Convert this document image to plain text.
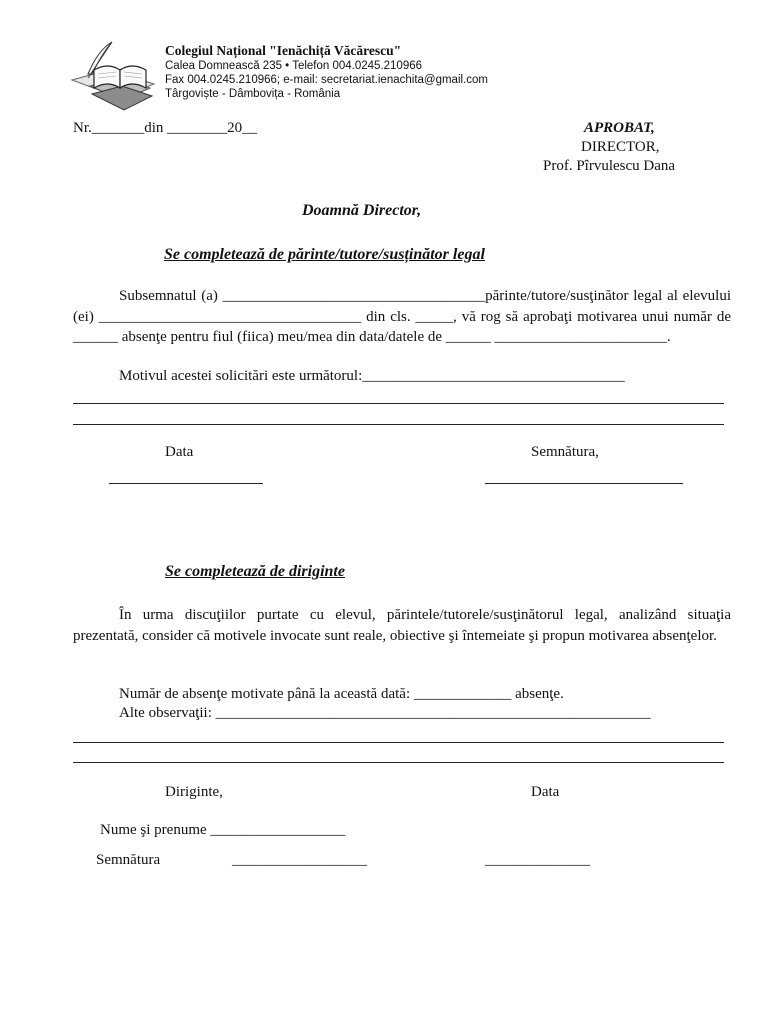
Colegiul Național "Ienăchiță Văcărescu"
Calea Domnească 235 • Telefon 004.0245.210966
Fax 004.0245.210966; e-mail: secretariat.ienachita@gmail.com
Târgoviște - Dâmbovița - România
Nr._______din ________20__	APROBAT,
DIRECTOR,
Prof. Pîrvulescu Dana
Doamnă Director,
Se completează de părinte/tutore/susținător legal
Subsemnatul (a) ___________________________________părinte/tutore/susţinător legal al elevului (ei) ___________________________________ din cls. _____, vă rog să aprobaţi motivarea unui număr de ______ absenţe pentru fiul (fiica) meu/mea din data/datele de ______ _______________________.
Motivul acestei solicitări este următorul:___________________________________
Data	Semnătura,
Se completează de diriginte
În urma discuţiilor purtate cu elevul, părintele/tutorele/susţinătorul legal, analizând situaţia prezentată, consider că motivele invocate sunt reale, obiective şi întemeiate şi propun motivarea absenţelor.
Număr de absenţe motivate până la această dată: _____________ absenţe.
Alte observaţii: __________________________________________________________
Diriginte,	Data
Nume şi prenume __________________
Semnătura	__________________	______________
